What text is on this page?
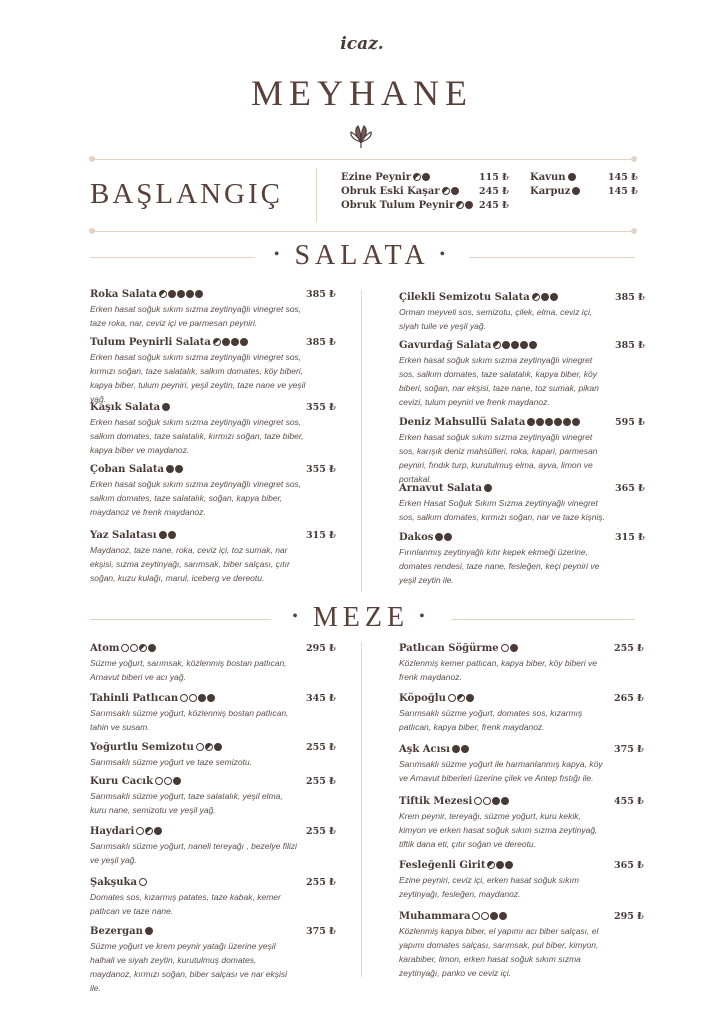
icaz.
MEYHANE
BAŞLANGIÇ
Ezine Peynir	115 ₺
Obruk Eski Kaşar	245 ₺
Obruk Tulum Peynir	245 ₺
Kavun	145 ₺
Karpuz	145 ₺
• SALATA •
Roka Salata	385 ₺
Erken hasat soğuk sıkım sızma zeytinyağlı vinegret sos, taze roka, nar, ceviz içi ve parmesan peyniri.
Tulum Peynirli Salata	385 ₺
Erken hasat soğuk sıkım sızma zeytinyağlı vinegret sos, kırmızı soğan, taze salatalık, salkım domates, köy biberi, kapya biber, tulum peyniri, yeşil zeytin, taze nane ve yeşil yağ.
Kaşık Salata	355 ₺
Erken hasat soğuk sıkım sızma zeytinyağlı vinegret sos, salkım domates, taze salatalık, kırmızı soğan, taze biber, kapya biber ve maydanoz.
Çoban Salata	355 ₺
Erken hasat soğuk sıkım sızma zeytinyağlı vinegret sos, salkım domates, taze salatalık, soğan, kapya biber, maydanoz ve frenk maydanoz.
Yaz Salatası	315 ₺
Maydanoz, taze nane, roka, ceviz içi, toz sumak, nar ekşisi, sızma zeytinyağı, sarımsak, biber salçası, çıtır soğan, kuzu kulağı, marul, iceberg ve dereotu.
Çilekli Semizotu Salata	385 ₺
Orman meyveli sos, semizotu, çilek, elma, ceviz içi, siyah tuile ve yeşil yağ.
Gavurdağ Salata	385 ₺
Erken hasat soğuk sıkım sızma zeytinyağlı vinegret sos, salkım domates, taze salatalık, kapya biber, köy biberi, soğan, nar ekşisi, taze nane, toz sumak, pikan cevizi, tulum peyniri ve frenk maydanoz.
Deniz Mahsullü Salata	595 ₺
Erken hasat soğuk sıkım sızma zeytinyağlı vinegret sos, karışık deniz mahsülleri, roka, kapari, parmesan peyniri, fındık turp, kurutulmuş elma, ayva, limon ve portakal.
Arnavut Salata	365 ₺
Erken Hasat Soğuk Sıkım Sızma zeytinyağlı vinegret sos, salkım domates, kırmızı soğan, nar ve taze kişniş.
Dakos	315 ₺
Fırınlanmış zeytinyağlı kıtır kepek ekmeği üzerine, domates rendesi, taze nane, fesleğen, keçi peyniri ve yeşil zeytin ile.
• MEZE •
Atom	295 ₺
Süzme yoğurt, sarımsak, közlenmiş bostan patlıcan, Arnavut biberi ve acı yağ.
Tahinli Patlıcan	345 ₺
Sarımsaklı süzme yoğurt, közlenmiş bostan patlıcan, tahin ve susam.
Yoğurtlu Semizotu	255 ₺
Sarımsaklı süzme yoğurt ve taze semizotu.
Kuru Cacık	255 ₺
Sarımsaklı süzme yoğurt, taze salatalık, yeşil elma, kuru nane, semizotu ve yeşil yağ.
Haydari	255 ₺
Sarımsaklı süzme yoğurt, naneli tereyağı , bezelye filizi ve yeşil yağ.
Şakşuka	255 ₺
Domates sos, kızarmış patates, taze kabak, kemer patlıcan ve taze nane.
Bezergan	375 ₺
Süzme yoğurt ve krem peynir yatağı üzerine yeşil halhali ve siyah zeytin, kurutulmuş domates, maydanoz, kırmızı soğan, biber salçası ve nar ekşisi ile.
Patlıcan Söğürme	255 ₺
Közlenmiş kemer patlıcan, kapya biber, köy biberi ve frenk maydanoz.
Köpoğlu	265 ₺
Sarımsaklı süzme yoğurt, domates sos, kızarmış patlıcan, kapya biber, frenk maydanoz.
Aşk Acısı	375 ₺
Sarımsaklı süzme yoğurt ile harmanlanmış kapya, köy ve Arnavut biberleri üzerine çilek ve Antep fıstığı ile.
Tiftik Mezesi	455 ₺
Krem peynir, tereyağı, süzme yoğurt, kuru kekik, kimyon ve erken hasat soğuk sıkım sızma zeytinyağ, tiftik dana eti, çıtır soğan ve dereotu.
Fesleğenli Girit	365 ₺
Ezine peyniri, ceviz içi, erken hasat soğuk sıkım zeytinyağı, fesleğen, maydanoz.
Muhammara	295 ₺
Közlenmiş kapya biber, el yapımı acı biber salçası, el yapımı domates salçası, sarımsak, pul biber, kimyon, karabiber, limon, erken hasat soğuk sıkım sızma zeytinyağı, panko ve ceviz içi.
